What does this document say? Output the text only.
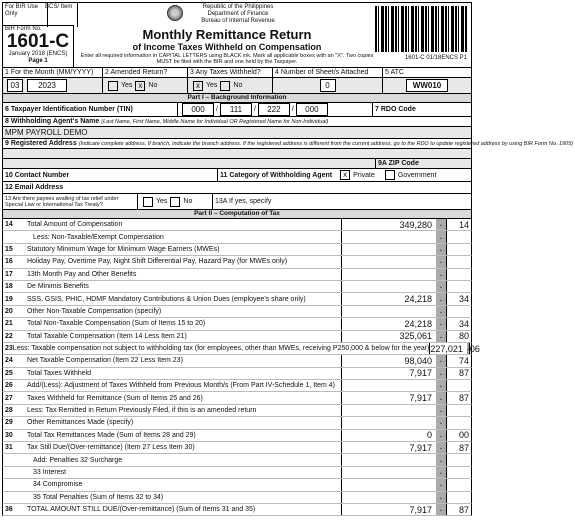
For BIR Use Only
BCS/ Item
BIR Form No.
1601-C
January 2018 (ENCS)
Page 1
Republic of the Philippines
Department of Finance
Bureau of Internal Revenue
Monthly Remittance Return
of Income Taxes Withheld on Compensation
Enter all required information in CAPITAL LETTERS using BLACK ink. Mark all applicable boxes with an "X". Two copies MUST be filed with the BIR and one held by the Taxpayer.
1601-C 01/18ENCS P1
1 For the Month (MM/YYYY)	2 Amended Return?	3 Any Taxes Withheld?	4 Number of Sheet/s Attached	5 ATC
03	2023	Yes x No	x Yes No	0	WW010
Part I – Background Information
6 Taxpayer Identification Number (TIN)	000	/	111	/	222	/	000	7 RDO Code
8 Withholding Agent's Name
(Last Name, First Name, Middle Name for Individual OR Registered Name for Non-Individual)
MPM PAYROLL DEMO
9 Registered Address
(Indicate complete address. If branch, indicate the branch address. If the registered address is different from the current address, go to the RDO to update registered address by using BIR Form No. 1905)
9A ZIP Code
10 Contact Number	11 Category of Withholding Agent	x Private	Government
12 Email Address
13 Are there payees availing of tax relief under Special Law or International Tax Treaty?	Yes No	13A If yes, specify
Part II – Computation of Tax
14	Total Amount of Compensation	349,280	.	14
Less: Non-Taxable/Exempt Compensation	.
15	Statutory Minimum Wage for Minimum Wage Earners (MWEs)	.
16	Holiday Pay, Overtime Pay, Night Shift Differential Pay, Hazard Pay (for MWEs only)	.
17	13th Month Pay and Other Benefits	.
18	De Minimis Benefits	.
19	SSS, GSIS, PHIC, HDMF Mandatory Contributions & Union Dues (employee's share only)	24,218	.	34
20	Other Non-Taxable Compensation (specify)	.
21	Total Non-Taxable Compensation (Sum of Items 15 to 20)	24,218	.	34
22	Total Taxable Compensation (Item 14 Less Item 21)	325,061	.	80
23 Less: Taxable compensation not subject to withholding tax (for employees, other than MWEs, receiving P250,000 & below for the year) 227,021 . 06
24	Net Taxable Compensation (Item 22 Less Item 23)	98,040	.	74
25	Total Taxes Withheld	7,917	.	87
26	Add/(Less): Adjustment of Taxes Withheld from Previous Month/s (From Part IV-Schedule 1, Item 4)	.
27	Taxes Withheld for Remittance (Sum of Items 25 and 26)	7,917	.	87
28	Less: Tax Remitted in Return Previously Filed, if this is an amended return	.
29	Other Remittances Made (specify)	.
30	Total Tax Remittances Made (Sum of Items 28 and 29)	0	.	00
31	Tax Still Due/(Over-remittance) (Item 27 Less Item 30)	7,917	.	87
Add: Penalties 32 Surcharge	.
33 Interest	.
34 Compromise	.
35 Total Penalties (Sum of Items 32 to 34)	.
36	TOTAL AMOUNT STILL DUE/(Over-remittance) (Sum of Items 31 and 35)	7,917	.	87
